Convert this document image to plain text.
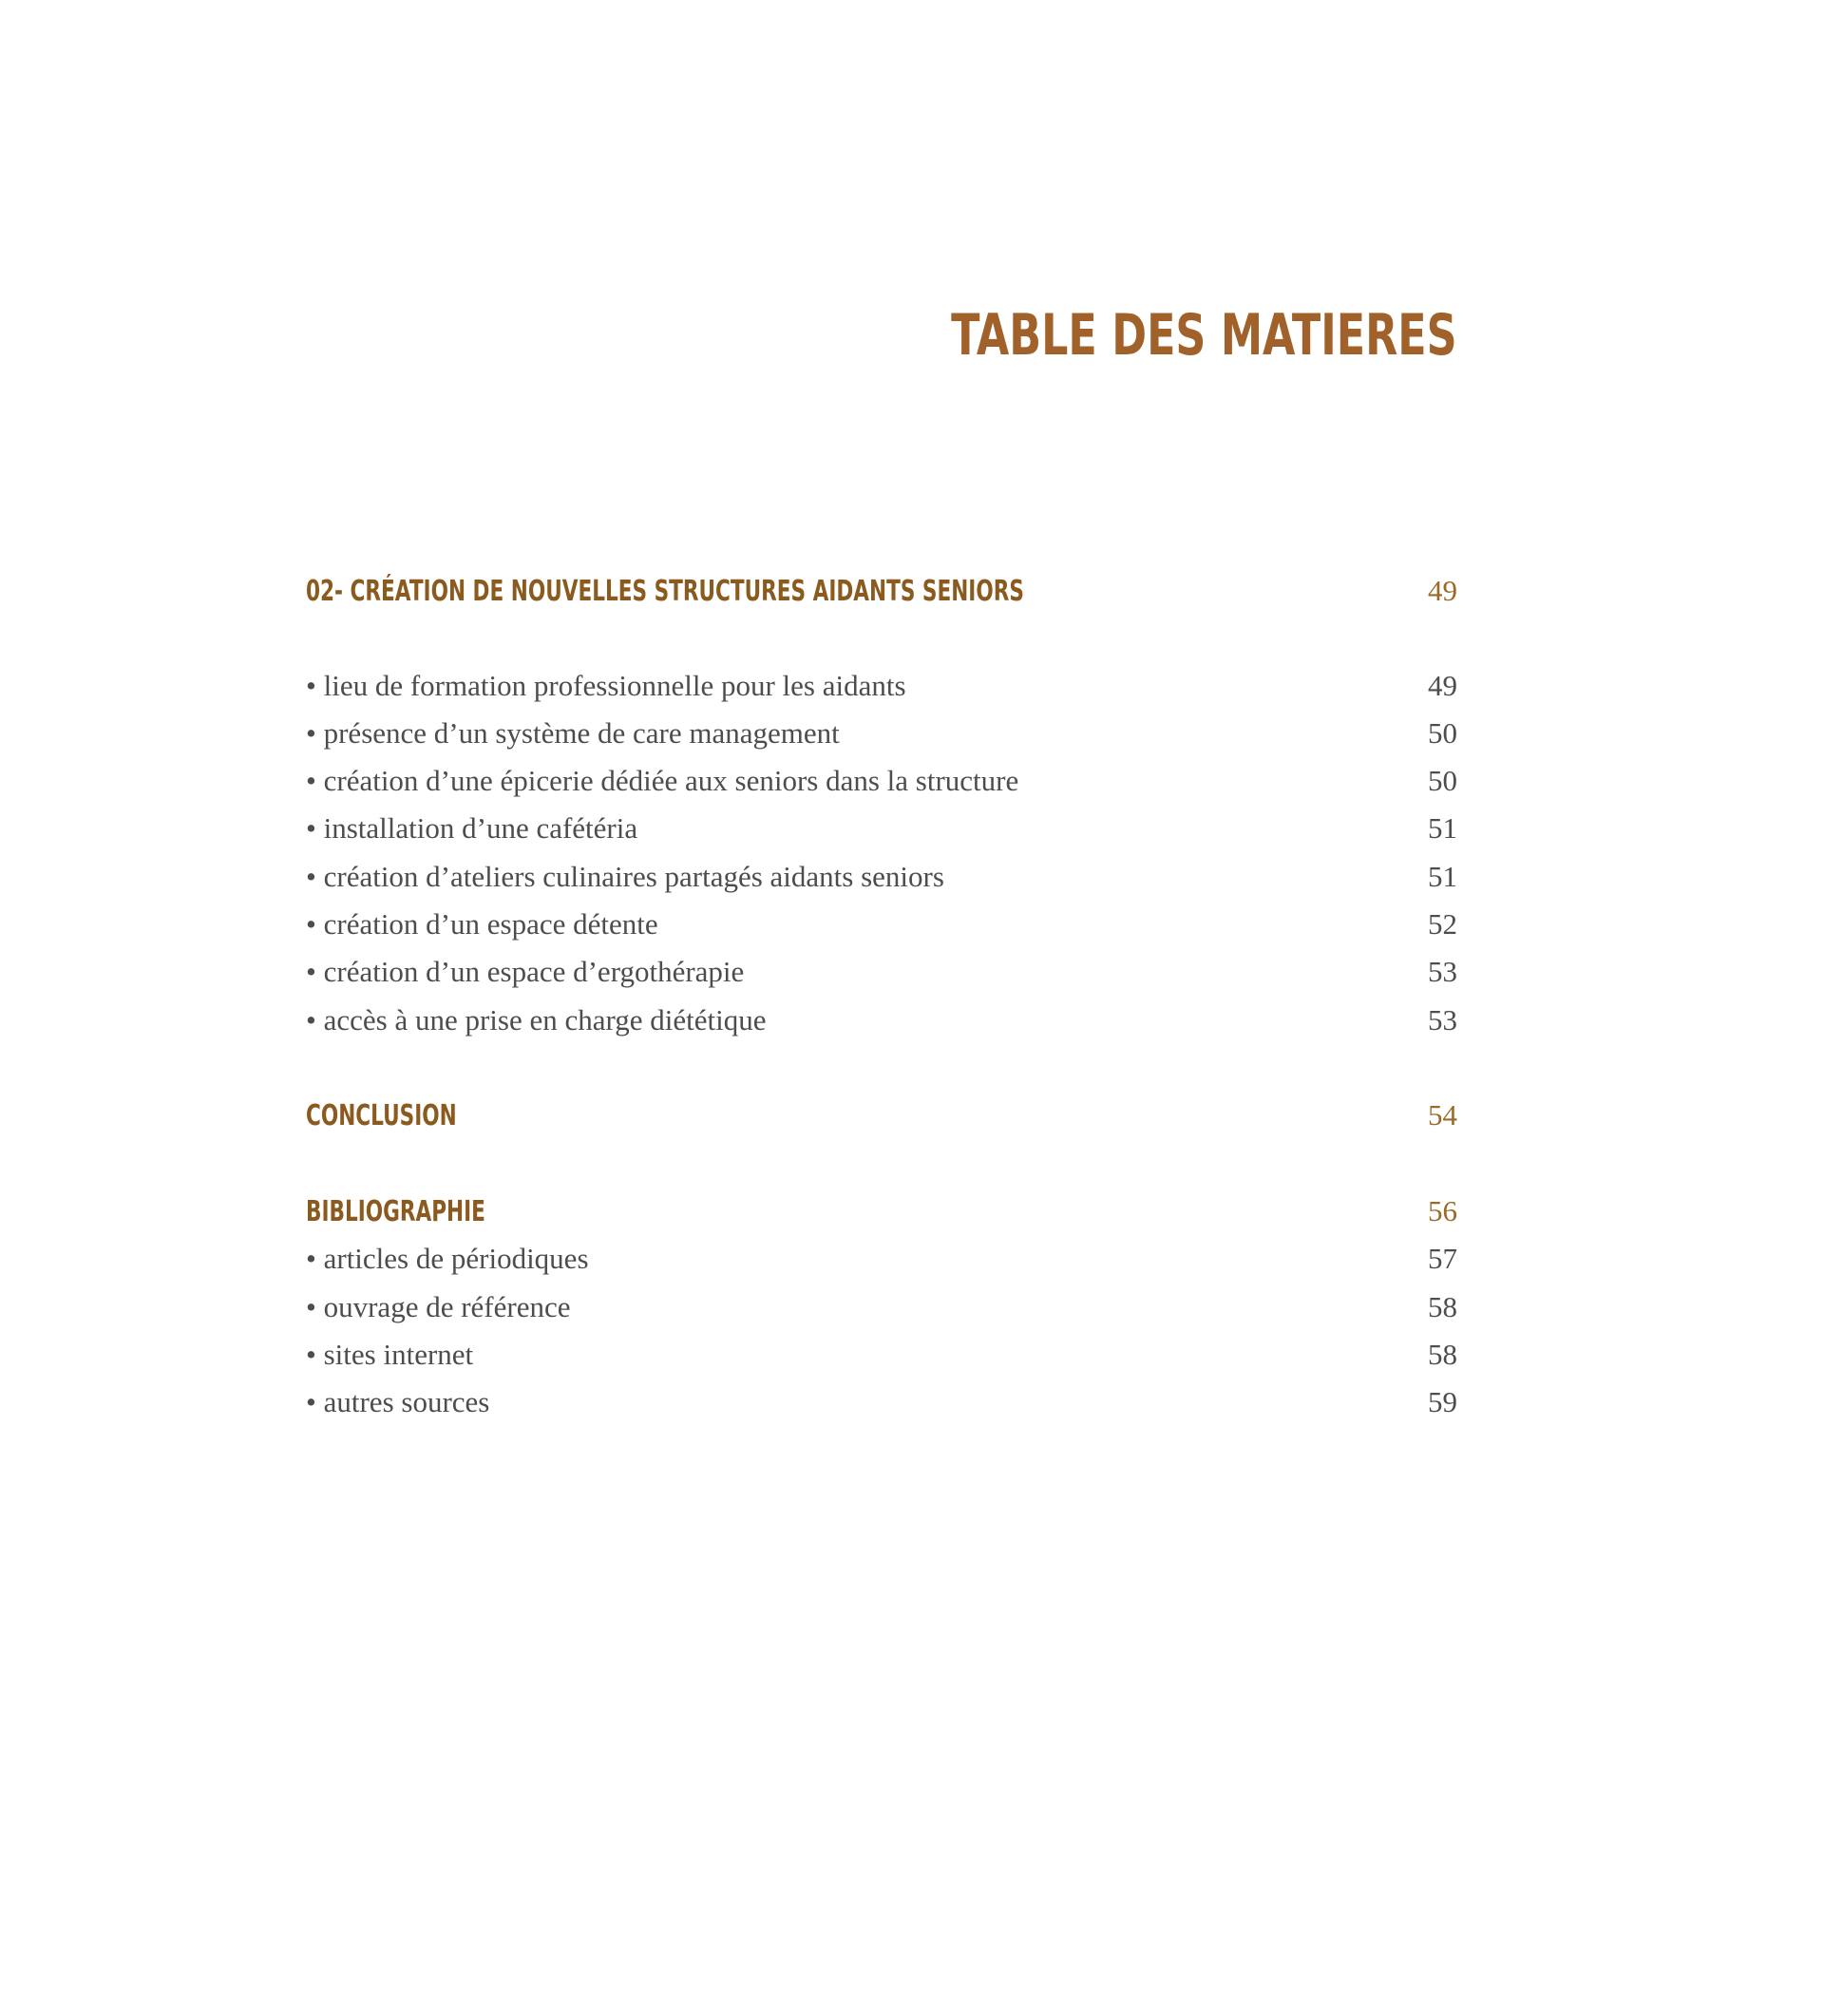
TABLE DES MATIERES
02- CRÉATION DE NOUVELLES STRUCTURES AIDANTS SENIORS	49
• lieu de formation professionnelle pour les aidants	49
• présence d’un système de care management	50
• création d’une épicerie dédiée aux seniors dans la structure	50
• installation d’une cafétéria	51
• création d’ateliers culinaires partagés aidants seniors	51
• création d’un espace détente	52
• création d’un espace d’ergothérapie	53
• accès à une prise en charge diététique	53
CONCLUSION	54
BIBLIOGRAPHIE	56
• articles de périodiques	57
• ouvrage de référence	58
• sites internet	58
• autres sources	59
